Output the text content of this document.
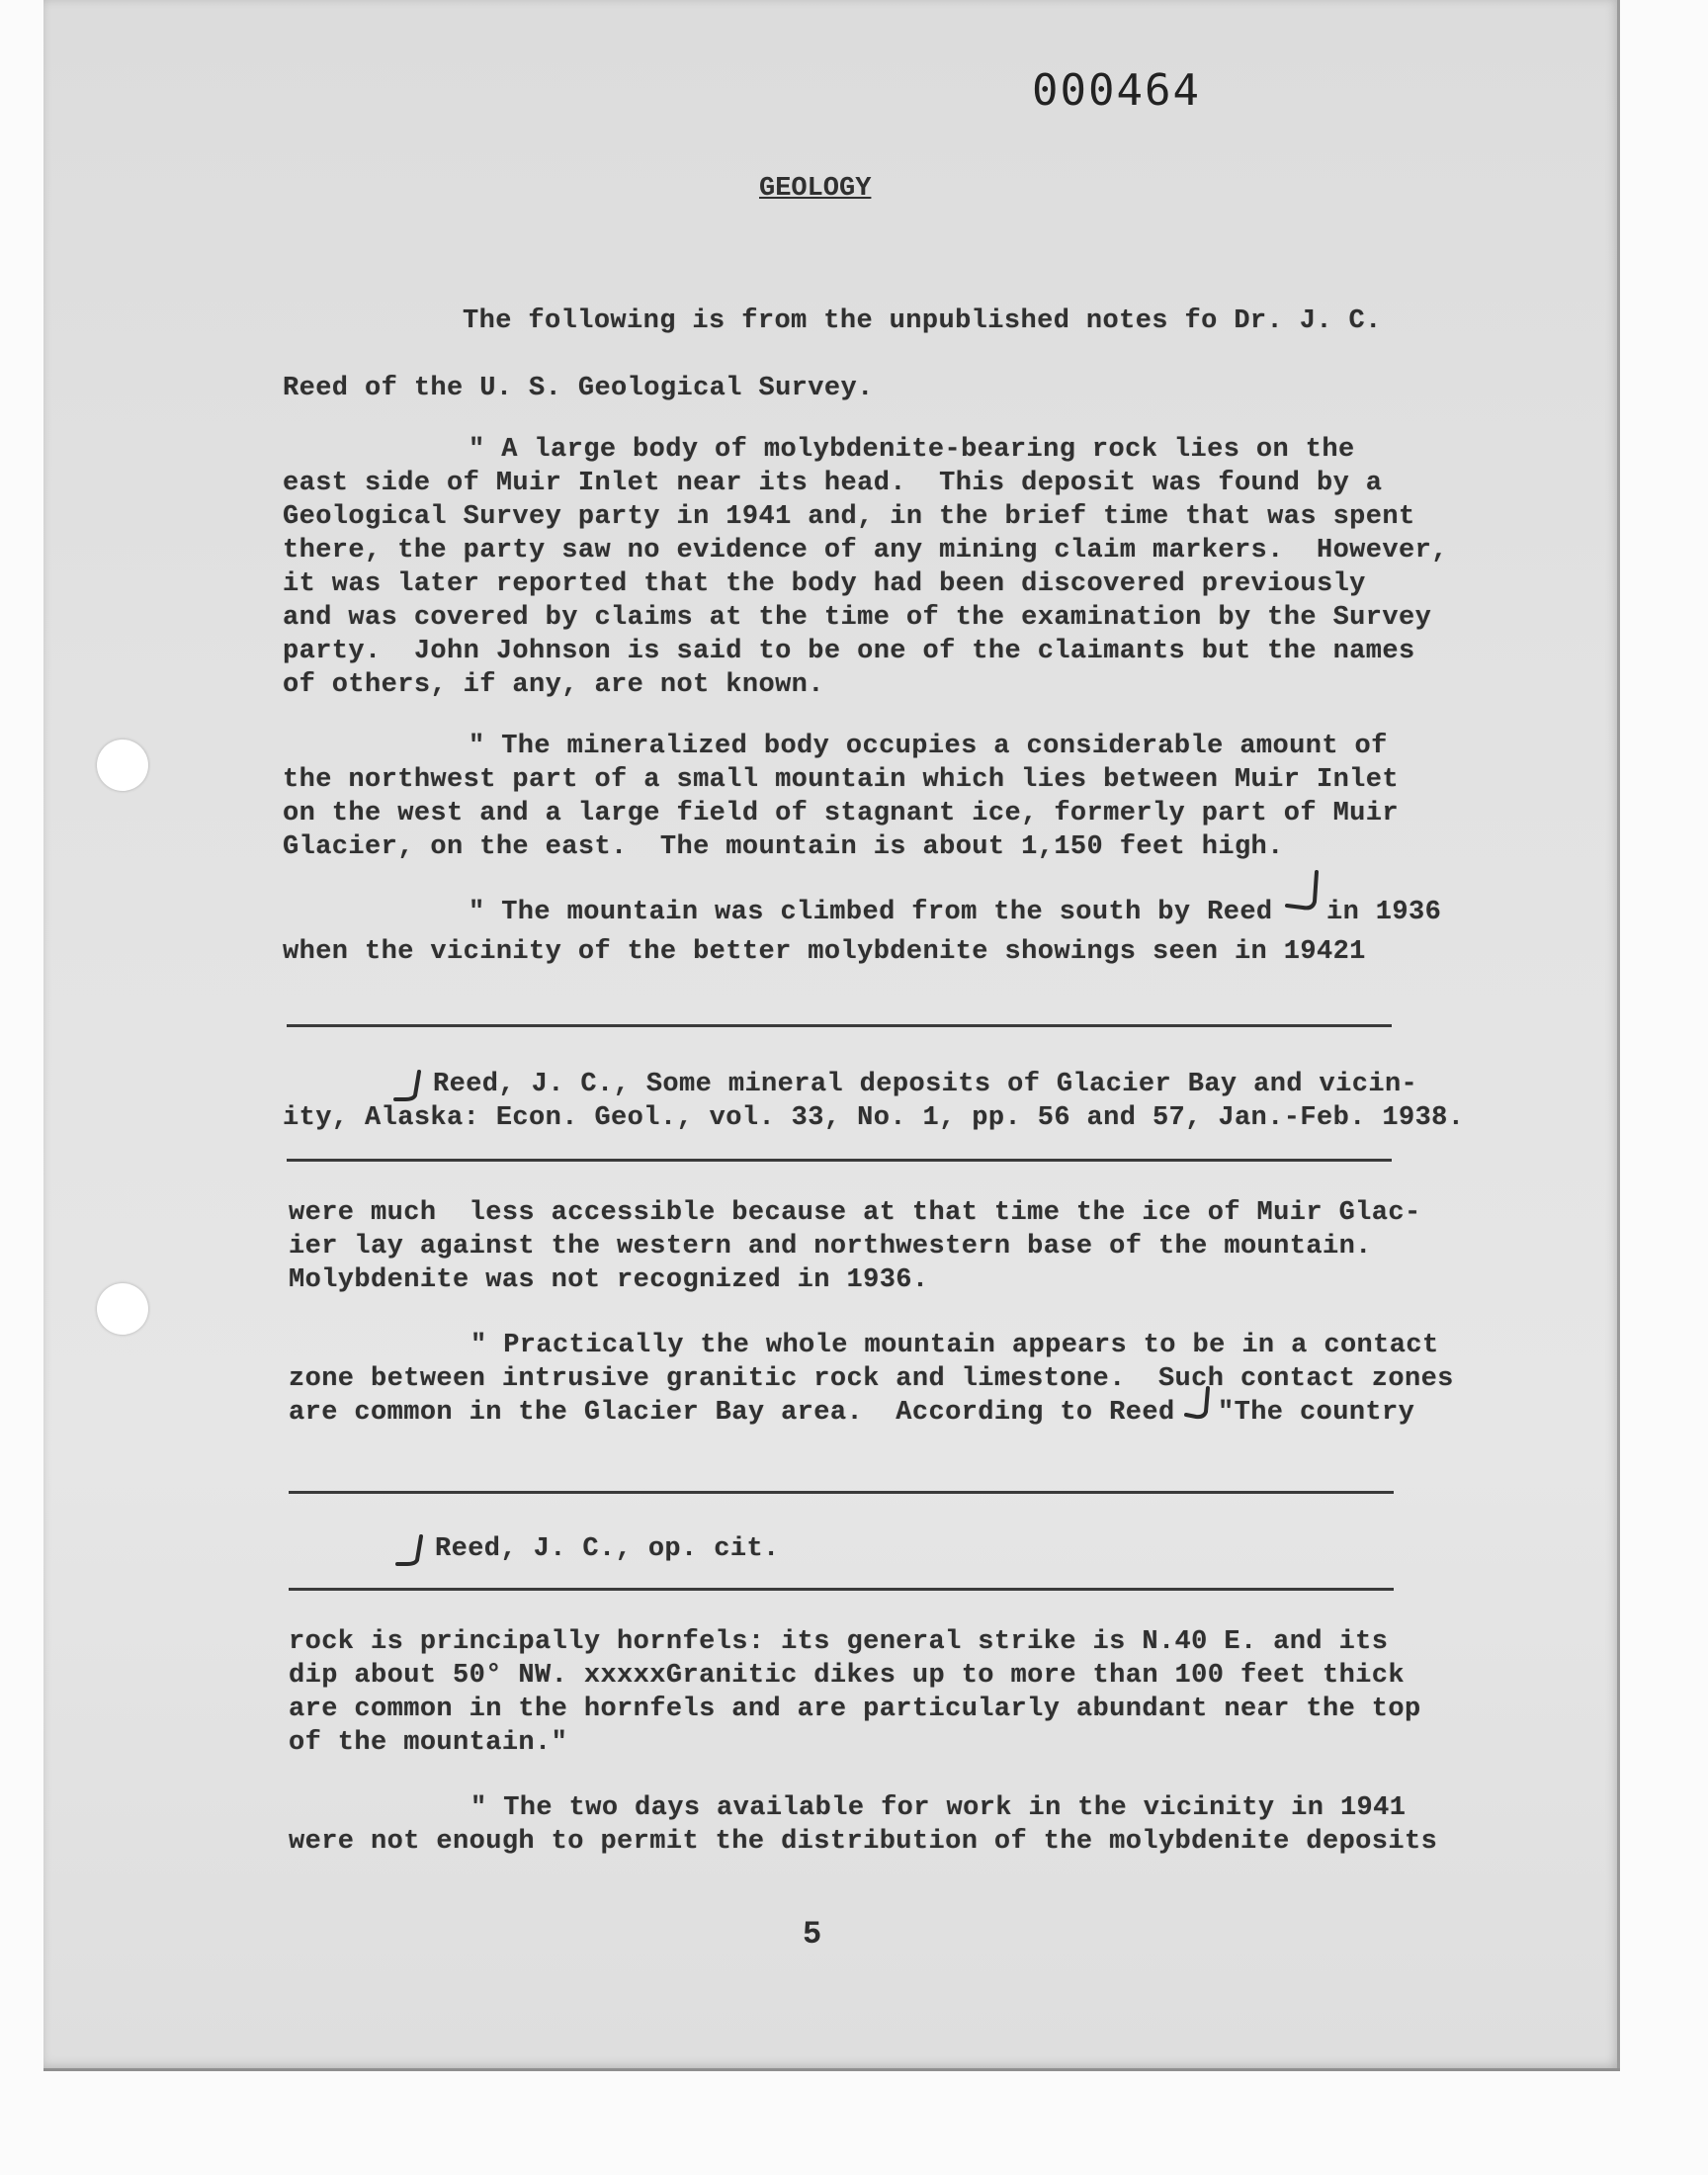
000464
GEOLOGY
The following is from the unpublished notes fo Dr. J. C.
Reed of the U. S. Geological Survey.
" A large body of molybdenite-bearing rock lies on the
east side of Muir Inlet near its head.  This deposit was found by a
Geological Survey party in 1941 and, in the brief time that was spent
there, the party saw no evidence of any mining claim markers.  However,
it was later reported that the body had been discovered previously
and was covered by claims at the time of the examination by the Survey
party.  John Johnson is said to be one of the claimants but the names
of others, if any, are not known.
" The mineralized body occupies a considerable amount of
the northwest part of a small mountain which lies between Muir Inlet
on the west and a large field of stagnant ice, formerly part of Muir
Glacier, on the east.  The mountain is about 1,150 feet high.
" The mountain was climbed from the south by Reed in 1936
when the vicinity of the better molybdenite showings seen in 19421
Reed, J. C., Some mineral deposits of Glacier Bay and vicin-
ity, Alaska: Econ. Geol., vol. 33, No. 1, pp. 56 and 57, Jan.-Feb. 1938.
were much  less accessible because at that time the ice of Muir Glac-
ier lay against the western and northwestern base of the mountain.
Molybdenite was not recognized in 1936.
" Practically the whole mountain appears to be in a contact
zone between intrusive granitic rock and limestone.  Such contact zones
are common in the Glacier Bay area.  According to Reed "The country
Reed, J. C., op. cit.
rock is principally hornfels: its general strike is N.40 E. and its
dip about 50° NW. xxxxxGranitic dikes up to more than 100 feet thick
are common in the hornfels and are particularly abundant near the top
of the mountain."
" The two days available for work in the vicinity in 1941
were not enough to permit the distribution of the molybdenite deposits
5
